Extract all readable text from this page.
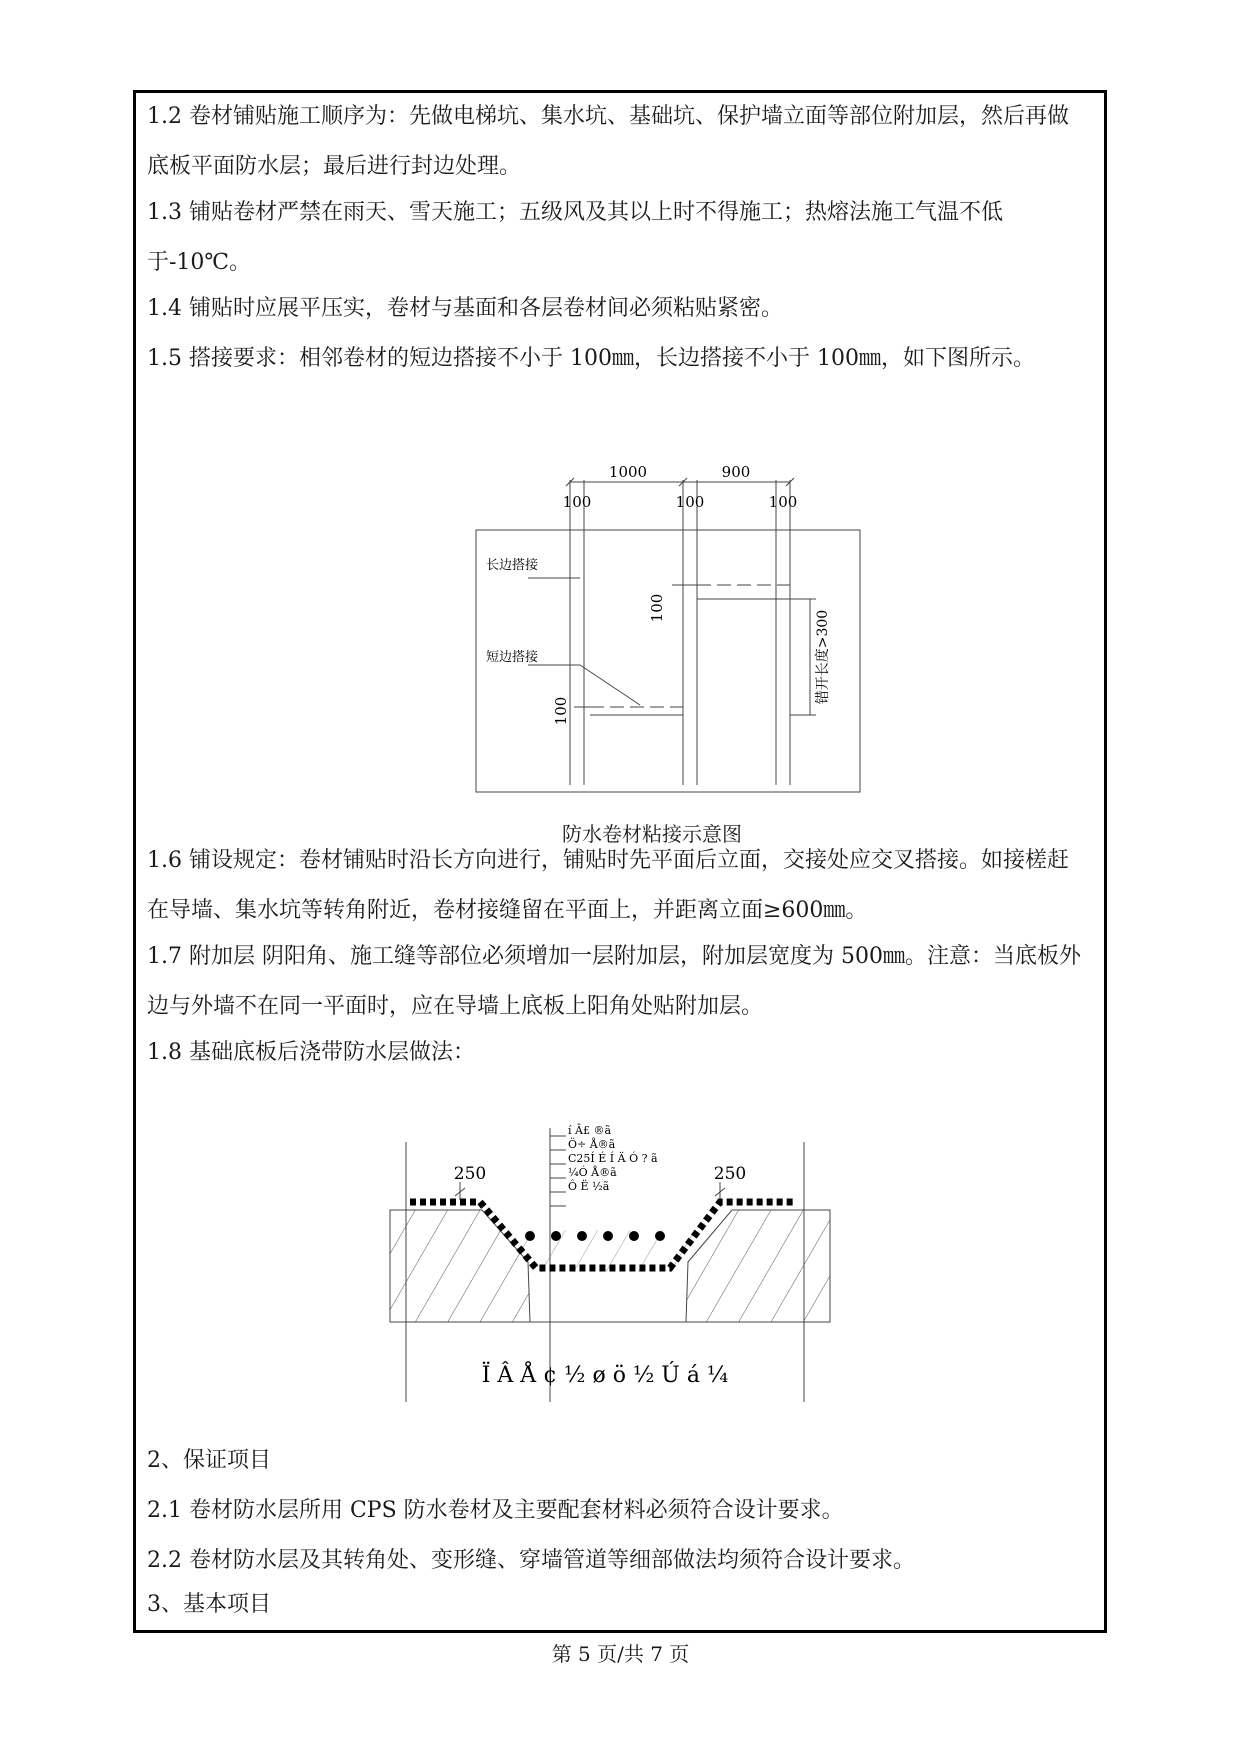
1.2 卷材铺贴施工顺序为：先做电梯坑、集水坑、基础坑、保护墙立面等部位附加层，然后再做底板平面防水层；最后进行封边处理。

1.3 铺贴卷材严禁在雨天、雪天施工；五级风及其以上时不得施工；热熔法施工气温不低于-10℃。

1.4 铺贴时应展平压实，卷材与基面和各层卷材间必须粘贴紧密。

1.5 搭接要求：相邻卷材的短边搭接不小于 100㎜，长边搭接不小于 100㎜，如下图所示。

1000	900
100	100	100
长边搭接
短边搭接
100
100
错开长度>300
防水卷材粘接示意图

1.6 铺设规定：卷材铺贴时沿长方向进行，铺贴时先平面后立面，交接处应交叉搭接。如接槎赶在导墙、集水坑等转角附近，卷材接缝留在平面上，并距离立面≥600㎜。

1.7 附加层 阴阳角、施工缝等部位必须增加一层附加层，附加层宽度为 500㎜。注意：当底板外边与外墙不在同一平面时，应在导墙上底板上阳角处贴附加层。

1.8 基础底板后浇带防水层做法：

250	250
í Â£ ®ã
Ö÷ Å®ã
C25Í É Í Ä Ó ? ã
¼Ó Å®ã
Ô Ë ½ã
Ï Â Å ¢ ½ ø ö ½ Ú á ¼

2、保证项目

2.1 卷材防水层所用 CPS 防水卷材及主要配套材料必须符合设计要求。

2.2 卷材防水层及其转角处、变形缝、穿墙管道等细部做法均须符合设计要求。

3、基本项目

第 5 页/共 7 页
